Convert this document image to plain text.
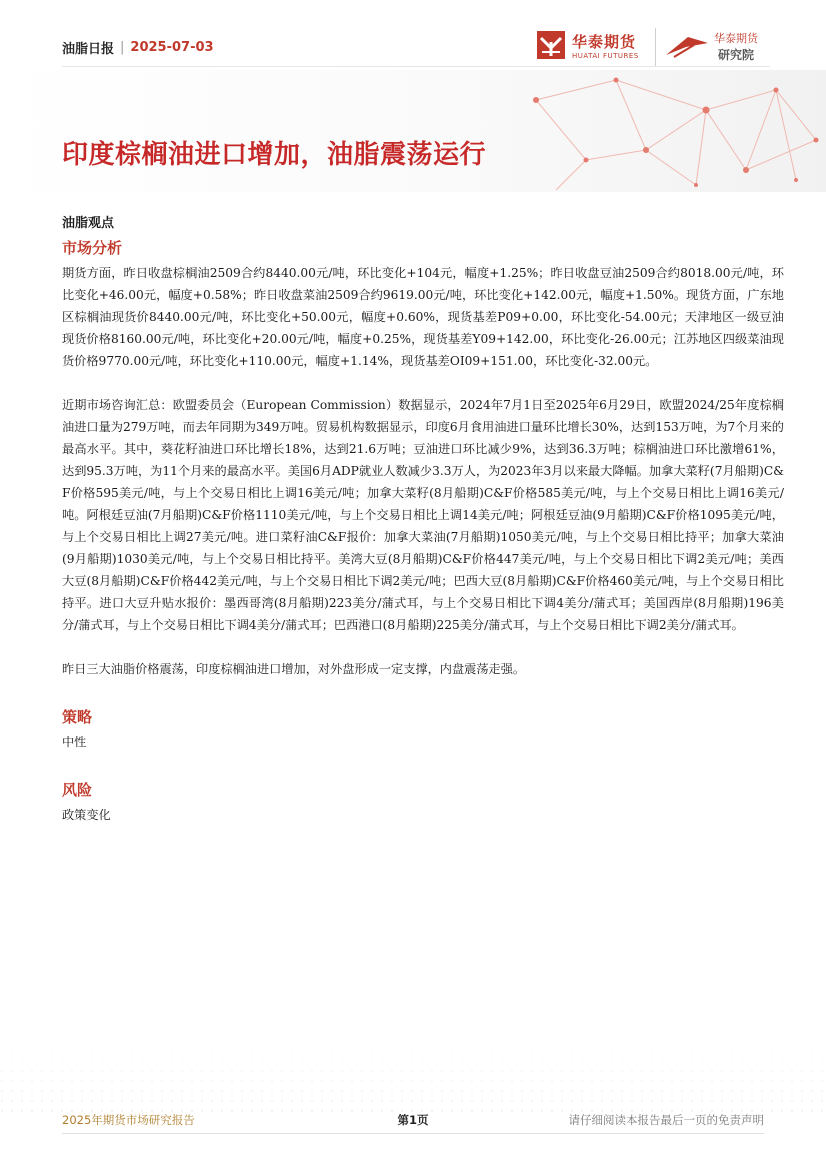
油脂日报 | 2025-07-03	华泰期货
HUATAI FUTURES
华泰期货
研究院
印度棕榈油进口增加，油脂震荡运行
油脂观点
市场分析

期货方面，昨日收盘棕榈油2509合约8440.00元/吨，环比变化+104元，幅度+1.25%；昨日收盘豆油2509合约8018.00元/吨，环比变化+46.00元，幅度+0.58%；昨日收盘菜油2509合约9619.00元/吨，环比变化+142.00元，幅度+1.50%。现货方面，广东地区棕榈油现货价8440.00元/吨，环比变化+50.00元，幅度+0.60%，现货基差P09+0.00，环比变化-54.00元；天津地区一级豆油现货价格8160.00元/吨，环比变化+20.00元/吨，幅度+0.25%，现货基差Y09+142.00，环比变化-26.00元；江苏地区四级菜油现货价格9770.00元/吨，环比变化+110.00元，幅度+1.14%，现货基差OI09+151.00，环比变化-32.00元。

近期市场咨询汇总：欧盟委员会（European Commission）数据显示，2024年7月1日至2025年6月29日，欧盟2024/25年度棕榈油进口量为279万吨，而去年同期为349万吨。贸易机构数据显示，印度6月食用油进口量环比增长30%，达到153万吨，为7个月来的最高水平。其中，葵花籽油进口环比增长18%，达到21.6万吨；豆油进口环比减少9%，达到36.3万吨；棕榈油进口环比激增61%，达到95.3万吨，为11个月来的最高水平。美国6月ADP就业人数减少3.3万人，为2023年3月以来最大降幅。加拿大菜籽(7月船期)C&F价格595美元/吨，与上个交易日相比上调16美元/吨；加拿大菜籽(8月船期)C&F价格585美元/吨，与上个交易日相比上调16美元/吨。阿根廷豆油(7月船期)C&F价格1110美元/吨，与上个交易日相比上调14美元/吨；阿根廷豆油(9月船期)C&F价格1095美元/吨，与上个交易日相比上调27美元/吨。进口菜籽油C&F报价：加拿大菜油(7月船期)1050美元/吨，与上个交易日相比持平；加拿大菜油(9月船期)1030美元/吨，与上个交易日相比持平。美湾大豆(8月船期)C&F价格447美元/吨，与上个交易日相比下调2美元/吨；美西大豆(8月船期)C&F价格442美元/吨，与上个交易日相比下调2美元/吨；巴西大豆(8月船期)C&F价格460美元/吨，与上个交易日相比持平。进口大豆升贴水报价：墨西哥湾(8月船期)223美分/蒲式耳，与上个交易日相比下调4美分/蒲式耳；美国西岸(8月船期)196美分/蒲式耳，与上个交易日相比下调4美分/蒲式耳；巴西港口(8月船期)225美分/蒲式耳，与上个交易日相比下调2美分/蒲式耳。

昨日三大油脂价格震荡，印度棕榈油进口增加，对外盘形成一定支撑，内盘震荡走强。

策略

中性

风险

政策变化

2025年期货市场研究报告	第1页	请仔细阅读本报告最后一页的免责声明
